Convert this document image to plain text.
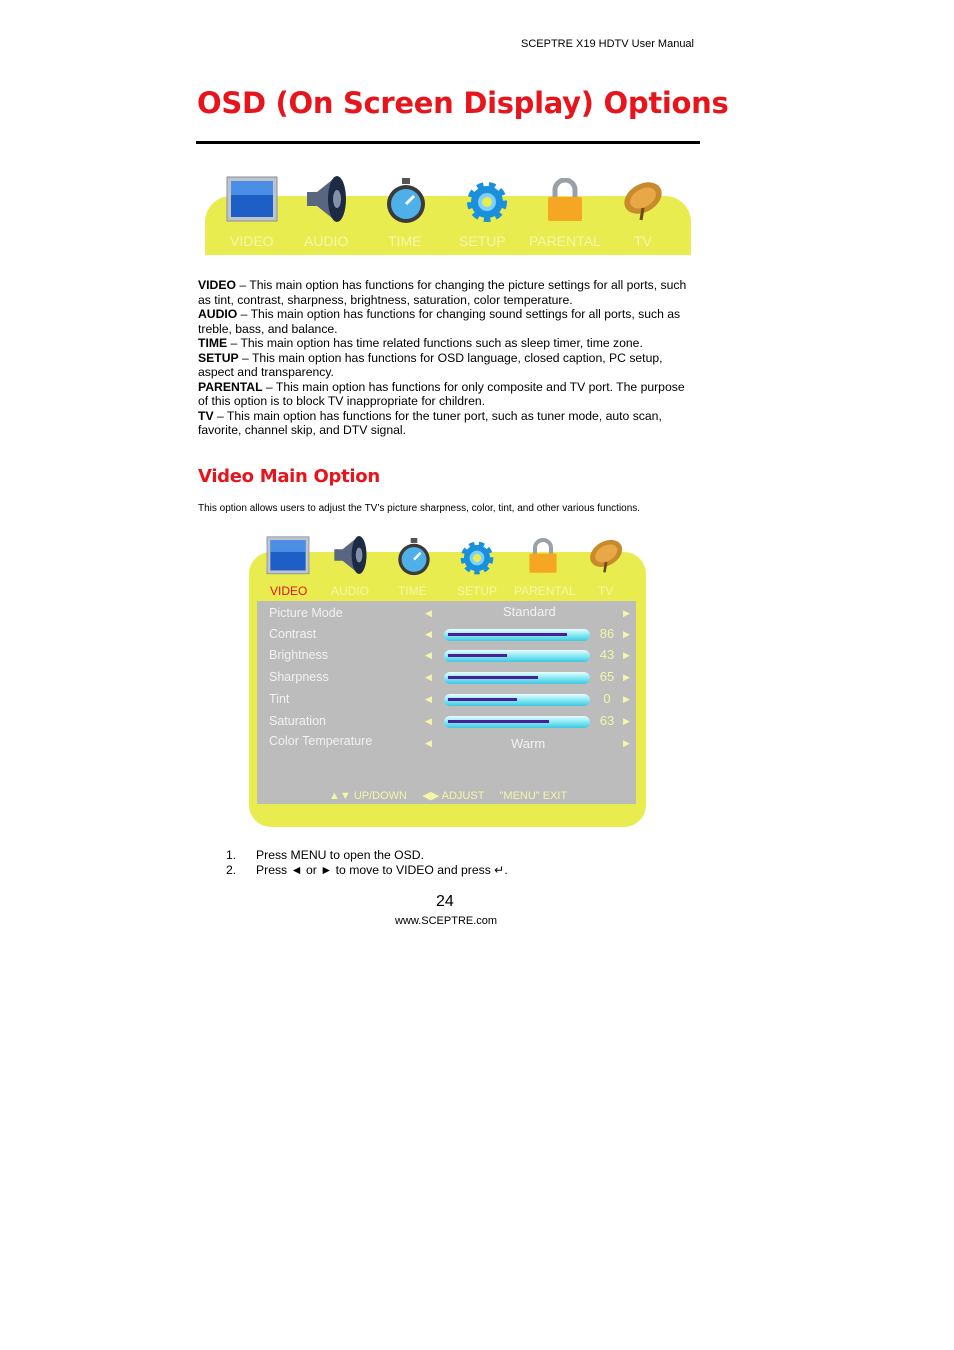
SCEPTRE X19 HDTV User Manual
OSD (On Screen Display) Options
VIDEO AUDIO	TIME	SETUP PARENTAL TV

VIDEO – This main option has functions for changing the picture settings for all ports, such as tint, contrast, sharpness, brightness, saturation, color temperature.

AUDIO – This main option has functions for changing sound settings for all ports, such as treble, bass, and balance.

TIME – This main option has time related functions such as sleep timer, time zone.

SETUP – This main option has functions for OSD language, closed caption, PC setup, aspect and transparency.

PARENTAL – This main option has functions for only composite and TV port. The purpose of this option is to block TV inappropriate for children.

TV – This main option has functions for the tuner port, such as tuner mode, auto scan, favorite, channel skip, and DTV signal.

Video Main Option
This option allows users to adjust the TV’s picture sharpness, color, tint, and other various functions.
VIDEO AUDIO TIME	SETUP PARENTAL TV
Picture Mode	◀	Standard	▶
Contrast	◀	86 ▶
Brightness	◀	43 ▶
Sharpness	◀	65 ▶
Tint	◀	0	▶
Saturation	◀	63 ▶
Color Temperature	◀	Warm	▶
▲▼ UP/DOWN     ◀▶ ADJUST     "MENU" EXIT
1.	Press MENU to open the OSD.
2.	Press ◄ or ► to move to VIDEO and press ↵.
24
www.SCEPTRE.com
